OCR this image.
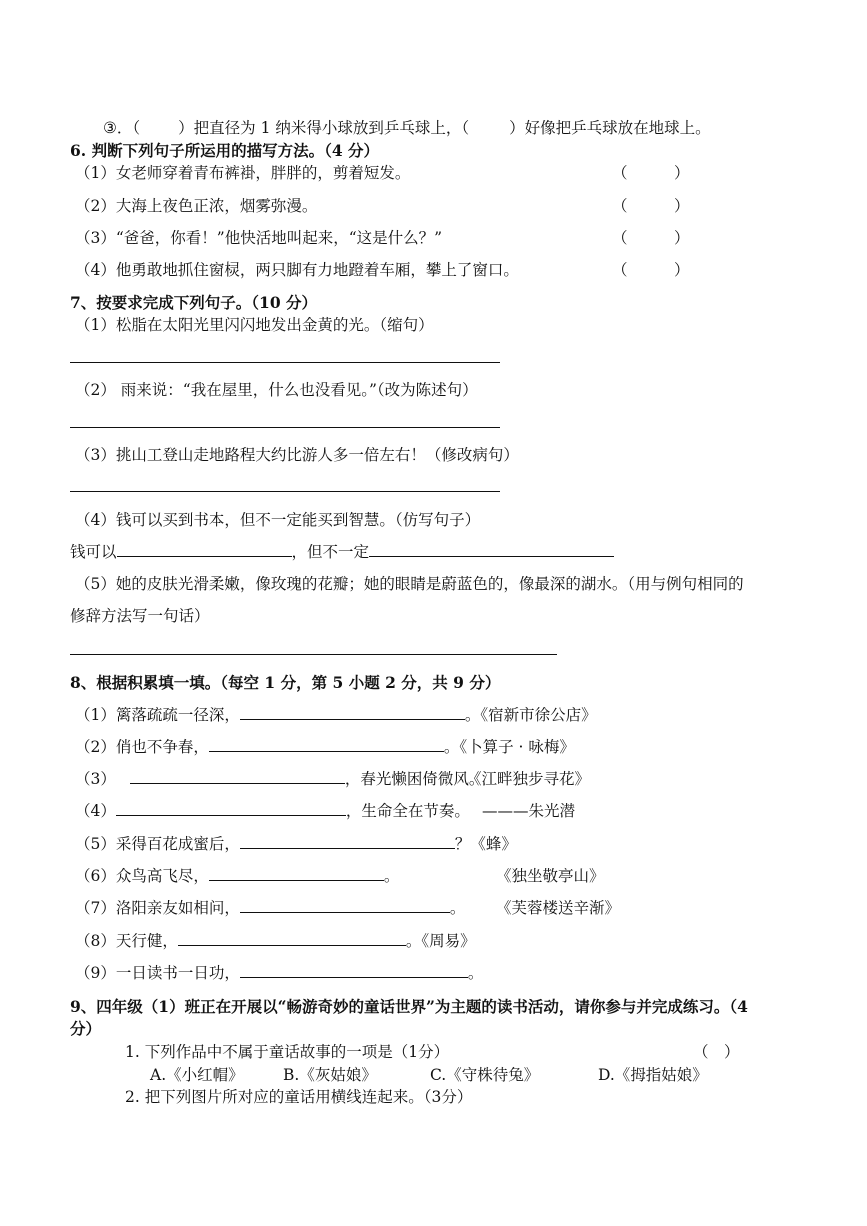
③．（ ）把直径为 1 纳米得小球放到乒乓球上，（	）好像把乒乓球放在地球上。
6. 判断下列句子所运用的描写方法。（4 分）
（1）女老师穿着青布裤褂，胖胖的，剪着短发。	（　　　）
（2）大海上夜色正浓，烟雾弥漫。	（　　　）
（3）“爸爸，你看！”他快活地叫起来，“这是什么？”	（　　　）
（4）他勇敢地抓住窗棂，两只脚有力地蹬着车厢，攀上了窗口。	（　　　）
7、按要求完成下列句子。（10 分）
（1）松脂在太阳光里闪闪地发出金黄的光。（缩句）
（2） 雨来说：“我在屋里，什么也没看见。”（改为陈述句）
（3）挑山工登山走地路程大约比游人多一倍左右！（修改病句）
（4）钱可以买到书本，但不一定能买到智慧。（仿写句子）
钱可以	，但不一定
（5）她的皮肤光滑柔嫩，像玫瑰的花瓣；她的眼睛是蔚蓝色的，像最深的湖水。（用与例句相同的
修辞方法写一句话）
8、根据积累填一填。（每空 1 分，第 5 小题 2 分，共 9 分）
（1）篱落疏疏一径深，	。《宿新市徐公店》
（2）俏也不争春，	。《卜算子 · 咏梅》
（3）	，春光懒困倚微风。
《江畔独步寻花》
（4）	，生命全在节奏。 ———朱光潜
（5）采得百花成蜜后，	？《蜂》
（6）众鸟高飞尽，	。	《独坐敬亭山》
（7）洛阳亲友如相问，	。 《芙蓉楼送辛渐》
（8）天行健，	。《周易》
（9）一日读书一日功，	。
9、四年级（1）班正在开展以“畅游奇妙的童话世界”为主题的读书活动，请你参与并完成练习。（4
分）
1. 下列作品中不属于童话故事的一项是（1分）	（　）
A.《小红帽》	B.《灰姑娘》	C.《守株待兔》	D.《拇指姑娘》
2. 把下列图片所对应的童话用横线连起来。（3分）
